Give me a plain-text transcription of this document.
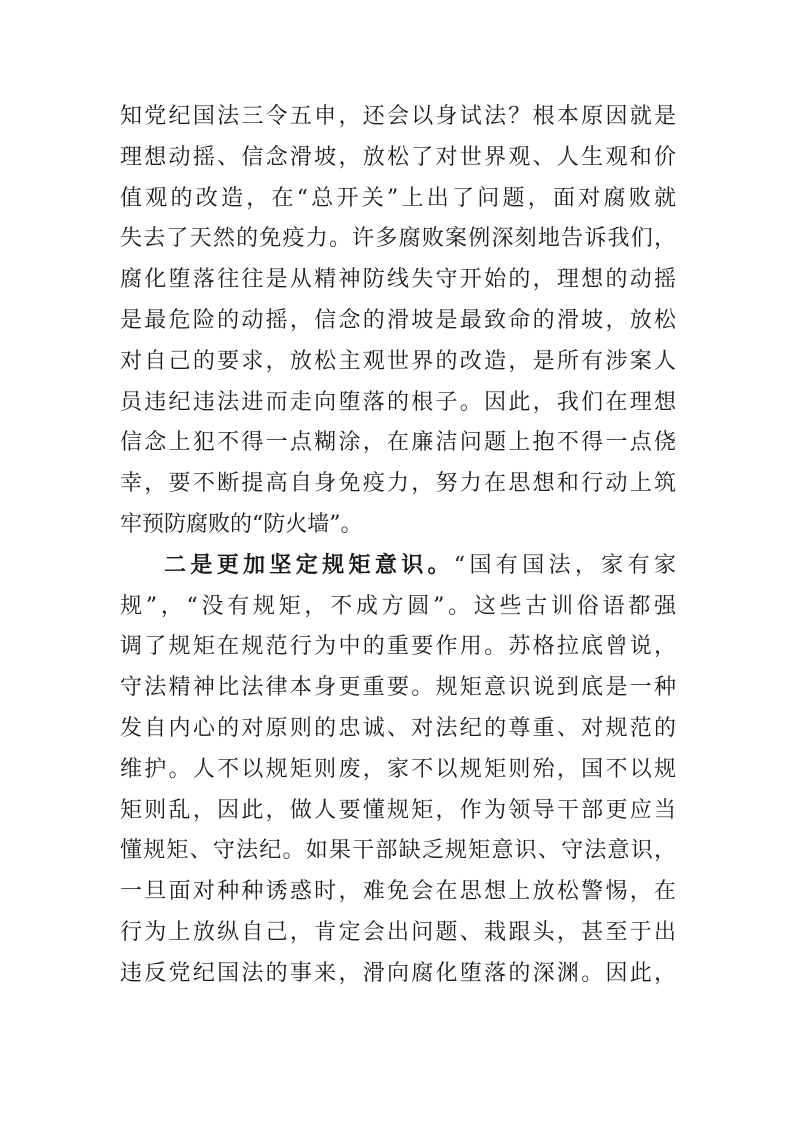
知党纪国法三令五申，还会以身试法？根本原因就是
理想动摇、信念滑坡，放松了对世界观、人生观和价
值观的改造，在“总开关”上出了问题，面对腐败就
失去了天然的免疫力。许多腐败案例深刻地告诉我们，
腐化堕落往往是从精神防线失守开始的，理想的动摇
是最危险的动摇，信念的滑坡是最致命的滑坡，放松
对自己的要求，放松主观世界的改造，是所有涉案人
员违纪违法进而走向堕落的根子。因此，我们在理想
信念上犯不得一点糊涂，在廉洁问题上抱不得一点侥
幸，要不断提高自身免疫力，努力在思想和行动上筑
牢预防腐败的“防火墙”。
二是更加坚定规矩意识。“国有国法，家有家
规”，“没有规矩，不成方圆”。这些古训俗语都强
调了规矩在规范行为中的重要作用。苏格拉底曾说，
守法精神比法律本身更重要。规矩意识说到底是一种
发自内心的对原则的忠诚、对法纪的尊重、对规范的
维护。人不以规矩则废，家不以规矩则殆，国不以规
矩则乱，因此，做人要懂规矩，作为领导干部更应当
懂规矩、守法纪。如果干部缺乏规矩意识、守法意识，
一旦面对种种诱惑时，难免会在思想上放松警惕，在
行为上放纵自己，肯定会出问题、栽跟头，甚至于出
违反党纪国法的事来，滑向腐化堕落的深渊。因此，
